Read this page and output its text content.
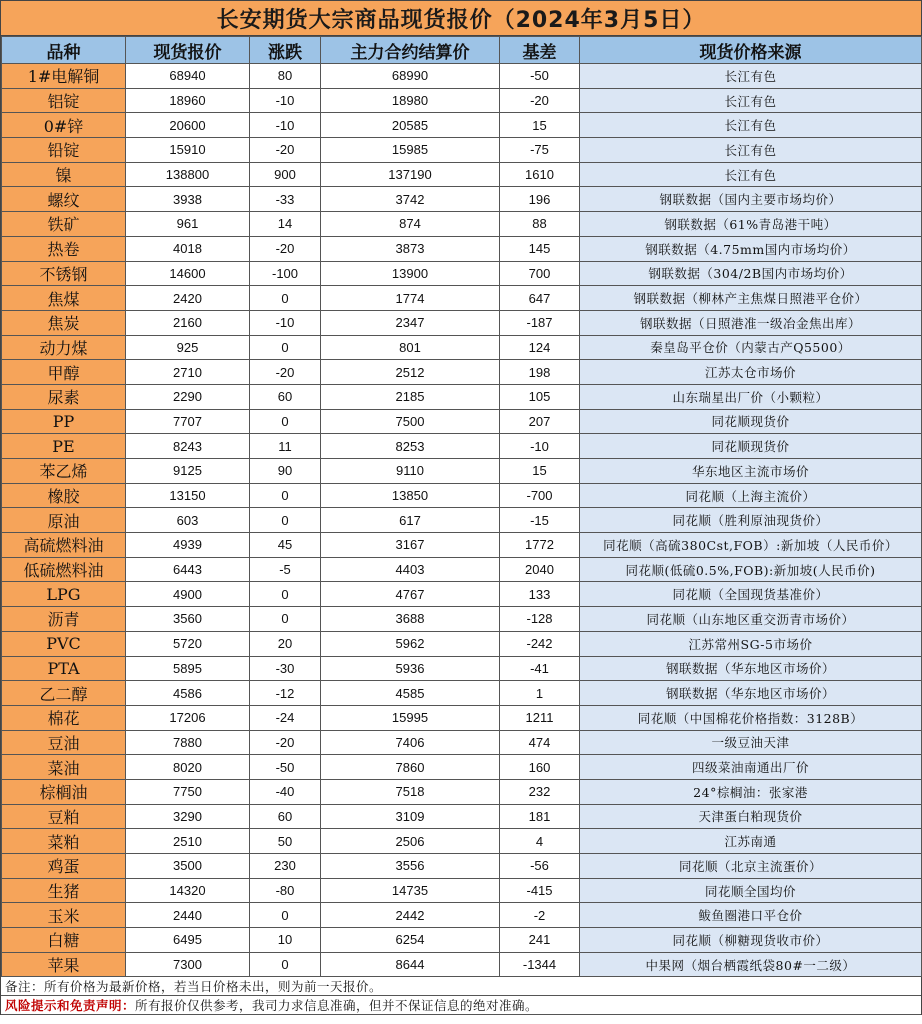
长安期货大宗商品现货报价（2024年3月5日）
品种	现货报价	涨跌	主力合约结算价	基差	现货价格来源
1#电解铜	68940	80	68990	-50	长江有色
铝锭	18960	-10	18980	-20	长江有色
0#锌	20600	-10	20585	15	长江有色
铅锭	15910	-20	15985	-75	长江有色
镍	138800	900	137190	1610	长江有色
螺纹	3938	-33	3742	196	钢联数据（国内主要市场均价）
铁矿	961	14	874	88	钢联数据（61%青岛港干吨）
热卷	4018	-20	3873	145	钢联数据（4.75mm国内市场均价）
不锈钢	14600	-100	13900	700	钢联数据（304/2B国内市场均价）
焦煤	2420	0	1774	647	钢联数据（柳林产主焦煤日照港平仓价）
焦炭	2160	-10	2347	-187	钢联数据（日照港准一级冶金焦出库）
动力煤	925	0	801	124	秦皇岛平仓价（内蒙古产Q5500）
甲醇	2710	-20	2512	198	江苏太仓市场价
尿素	2290	60	2185	105	山东瑞星出厂价（小颗粒）
PP	7707	0	7500	207	同花顺现货价
PE	8243	11	8253	-10	同花顺现货价
苯乙烯	9125	90	9110	15	华东地区主流市场价
橡胶	13150	0	13850	-700	同花顺（上海主流价）
原油	603	0	617	-15	同花顺（胜利原油现货价）
高硫燃料油	4939	45	3167	1772	同花顺（高硫380Cst,FOB）:新加坡（人民币价）
低硫燃料油	6443	-5	4403	2040	同花顺(低硫0.5%,FOB):新加坡(人民币价)
LPG	4900	0	4767	133	同花顺（全国现货基准价）
沥青	3560	0	3688	-128	同花顺（山东地区重交沥青市场价）
PVC	5720	20	5962	-242	江苏常州SG-5市场价
PTA	5895	-30	5936	-41	钢联数据（华东地区市场价）
乙二醇	4586	-12	4585	1	钢联数据（华东地区市场价）
棉花	17206	-24	15995	1211	同花顺（中国棉花价格指数：3128B）
豆油	7880	-20	7406	474	一级豆油天津
菜油	8020	-50	7860	160	四级菜油南通出厂价
棕榈油	7750	-40	7518	232	24°棕榈油：张家港
豆粕	3290	60	3109	181	天津蛋白粕现货价
菜粕	2510	50	2506	4	江苏南通
鸡蛋	3500	230	3556	-56	同花顺（北京主流蛋价）
生猪	14320	-80	14735	-415	同花顺全国均价
玉米	2440	0	2442	-2	鲅鱼圈港口平仓价
白糖	6495	10	6254	241	同花顺（柳糖现货收市价）
苹果	7300	0	8644	-1344	中果网（烟台栖霞纸袋80#一二级）
备注：所有价格为最新价格，若当日价格未出，则为前一天报价。
风险提示和免责声明： 所有报价仅供参考，我司力求信息准确，但并不保证信息的绝对准确。
